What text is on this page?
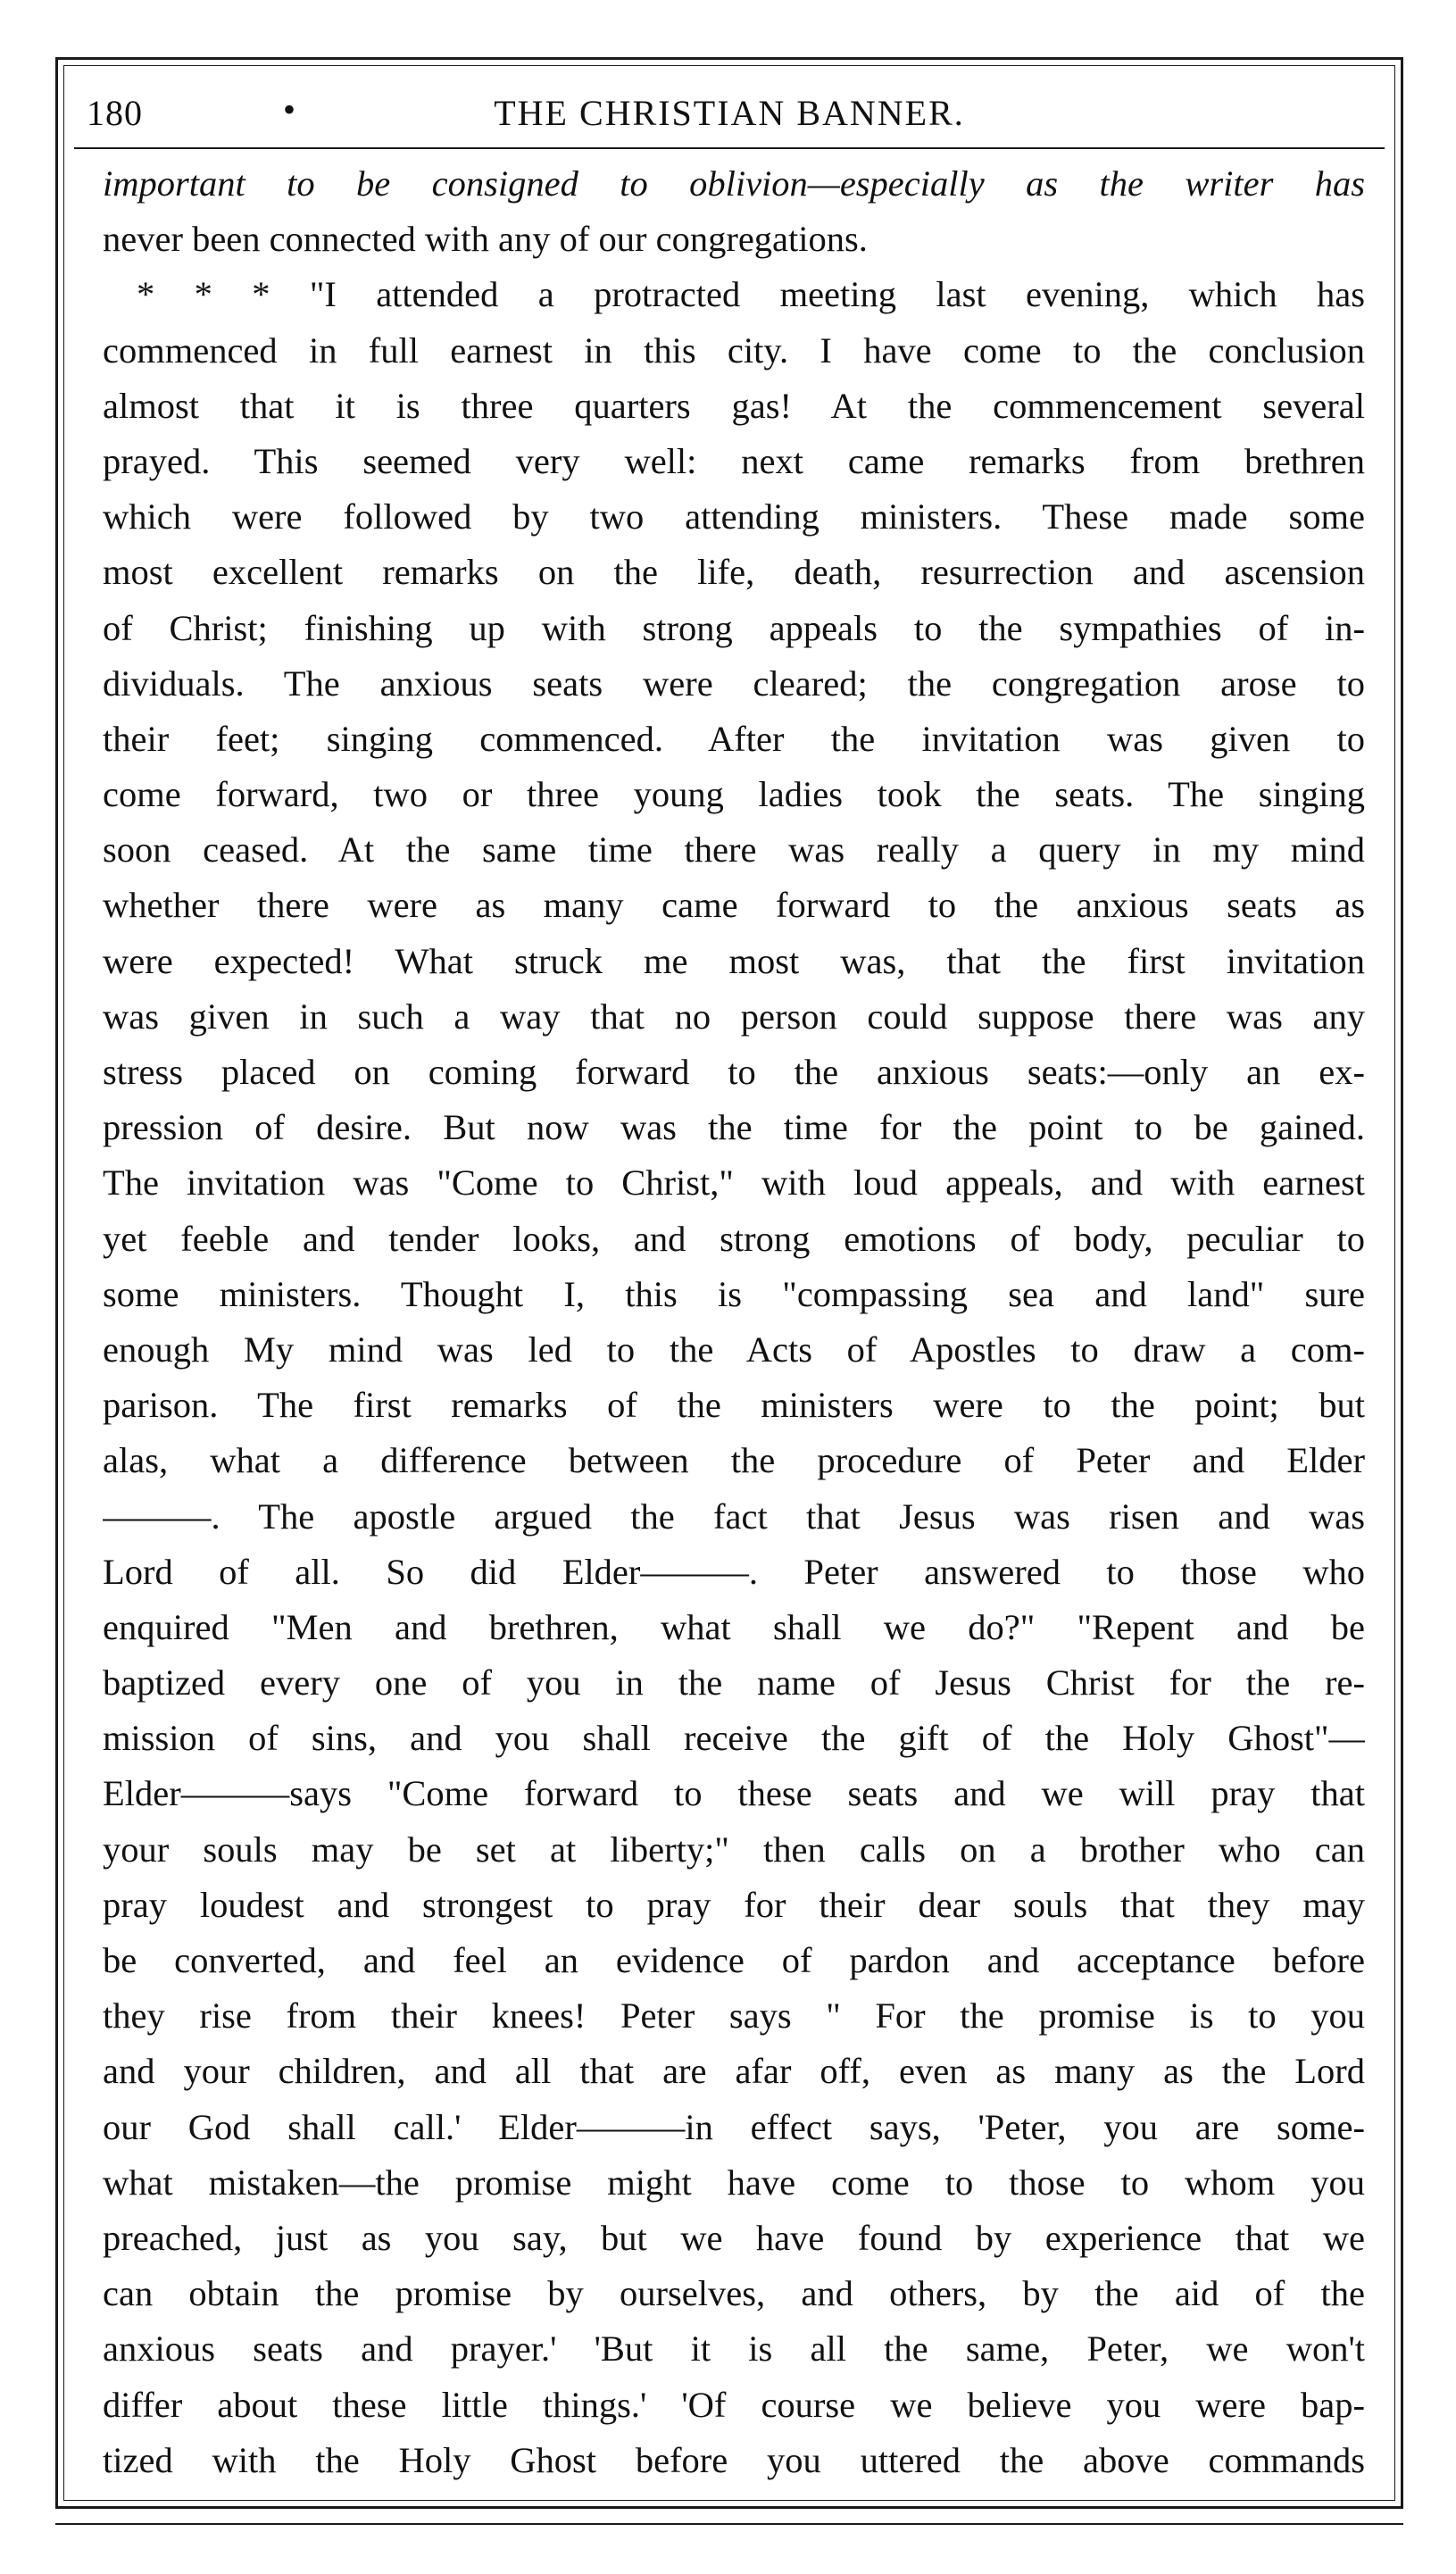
180	•	THE CHRISTIAN BANNER.
important to be consigned to oblivion—especially as the writer has
never been connected with any of our congregations.
* * * "I attended a protracted meeting last evening, which has
commenced in full earnest in this city. I have come to the conclusion
almost that it is three quarters gas! At the commencement several
prayed. This seemed very well: next came remarks from brethren
which were followed by two attending ministers. These made some
most excellent remarks on the life, death, resurrection and ascension
of Christ; finishing up with strong appeals to the sympathies of in-
dividuals. The anxious seats were cleared; the congregation arose to
their feet; singing commenced. After the invitation was given to
come forward, two or three young ladies took the seats. The singing
soon ceased. At the same time there was really a query in my mind
whether there were as many came forward to the anxious seats as
were expected! What struck me most was, that the first invitation
was given in such a way that no person could suppose there was any
stress placed on coming forward to the anxious seats:—only an ex-
pression of desire. But now was the time for the point to be gained.
The invitation was "Come to Christ," with loud appeals, and with earnest
yet feeble and tender looks, and strong emotions of body, peculiar to
some ministers. Thought I, this is "compassing sea and land" sure
enough My mind was led to the Acts of Apostles to draw a com-
parison. The first remarks of the ministers were to the point; but
alas, what a difference between the procedure of Peter and Elder
———. The apostle argued the fact that Jesus was risen and was
Lord of all. So did Elder———. Peter answered to those who
enquired "Men and brethren, what shall we do?" "Repent and be
baptized every one of you in the name of Jesus Christ for the re-
mission of sins, and you shall receive the gift of the Holy Ghost"—
Elder———says "Come forward to these seats and we will pray that
your souls may be set at liberty;" then calls on a brother who can
pray loudest and strongest to pray for their dear souls that they may
be converted, and feel an evidence of pardon and acceptance before
they rise from their knees! Peter says " For the promise is to you
and your children, and all that are afar off, even as many as the Lord
our God shall call.' Elder———in effect says, 'Peter, you are some-
what mistaken—the promise might have come to those to whom you
preached, just as you say, but we have found by experience that we
can obtain the promise by ourselves, and others, by the aid of the
anxious seats and prayer.' 'But it is all the same, Peter, we won't
differ about these little things.' 'Of course we believe you were bap-
tized with the Holy Ghost before you uttered the above commands
